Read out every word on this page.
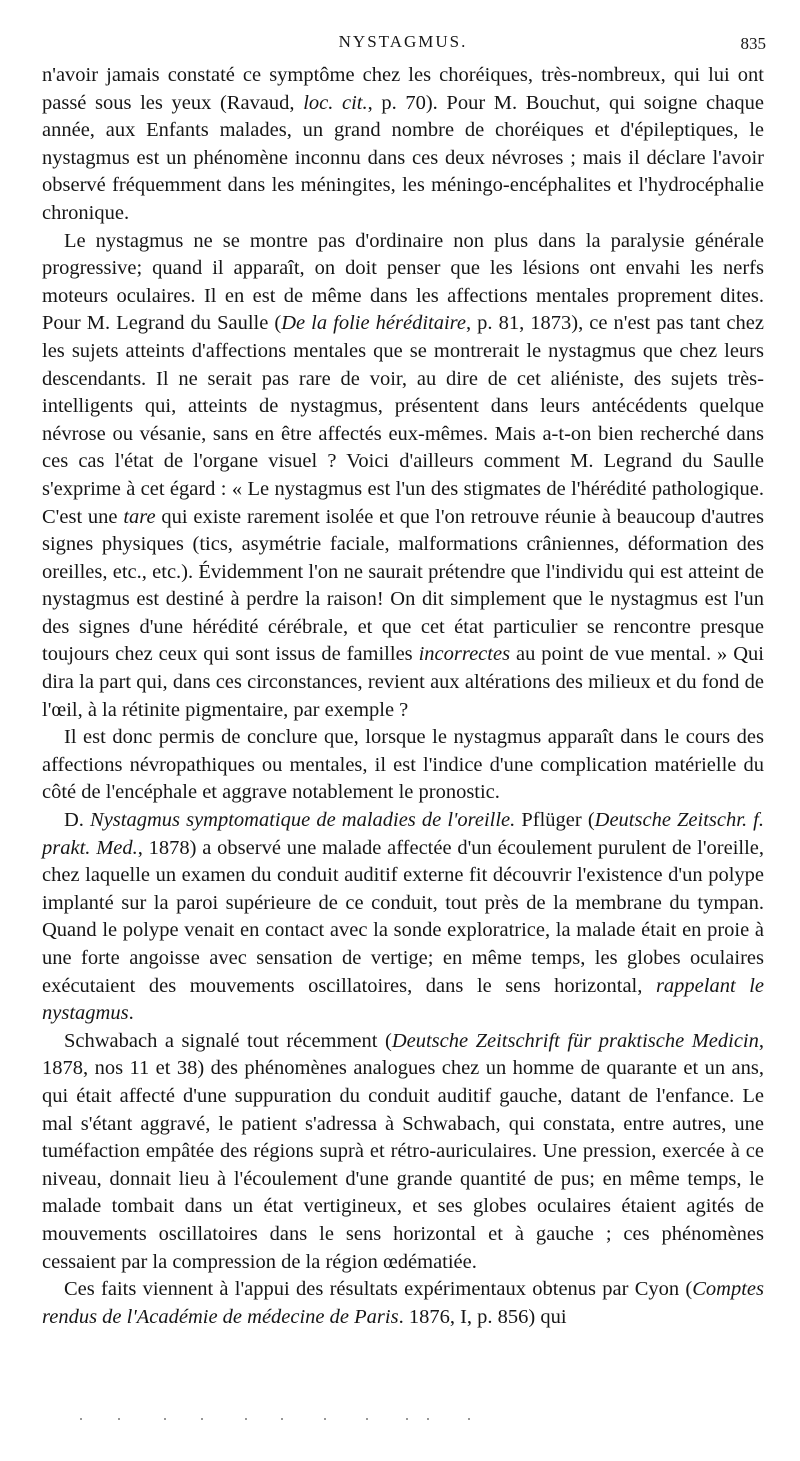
NYSTAGMUS.	835

n'avoir jamais constaté ce symptôme chez les choréiques, très-nombreux, qui lui ont passé sous les yeux (Ravaud, loc. cit., p. 70). Pour M. Bouchut, qui soigne chaque année, aux Enfants malades, un grand nombre de choréiques et d'épileptiques, le nystagmus est un phénomène inconnu dans ces deux névroses ; mais il déclare l'avoir observé fréquemment dans les méningites, les méningo-encéphalites et l'hydrocéphalie chronique.

Le nystagmus ne se montre pas d'ordinaire non plus dans la paralysie générale progressive; quand il apparaît, on doit penser que les lésions ont envahi les nerfs moteurs oculaires. Il en est de même dans les affections mentales proprement dites. Pour M. Legrand du Saulle (De la folie héréditaire, p. 81, 1873), ce n'est pas tant chez les sujets atteints d'affections mentales que se montrerait le nystagmus que chez leurs descendants. Il ne serait pas rare de voir, au dire de cet aliéniste, des sujets très-intelligents qui, atteints de nystagmus, présentent dans leurs antécédents quelque névrose ou vésanie, sans en être affectés eux-mêmes. Mais a-t-on bien recherché dans ces cas l'état de l'organe visuel ? Voici d'ailleurs comment M. Legrand du Saulle s'exprime à cet égard : « Le nystagmus est l'un des stigmates de l'hérédité pathologique. C'est une tare qui existe rarement isolée et que l'on retrouve réunie à beaucoup d'autres signes physiques (tics, asymétrie faciale, malformations crâniennes, déformation des oreilles, etc., etc.). Évidemment l'on ne saurait prétendre que l'individu qui est atteint de nystagmus est destiné à perdre la raison! On dit simplement que le nystagmus est l'un des signes d'une hérédité cérébrale, et que cet état particulier se rencontre presque toujours chez ceux qui sont issus de familles incorrectes au point de vue mental. » Qui dira la part qui, dans ces circonstances, revient aux altérations des milieux et du fond de l'œil, à la rétinite pigmentaire, par exemple ?

Il est donc permis de conclure que, lorsque le nystagmus apparaît dans le cours des affections névropathiques ou mentales, il est l'indice d'une complication matérielle du côté de l'encéphale et aggrave notablement le pronostic.

D. Nystagmus symptomatique de maladies de l'oreille. Pflüger (Deutsche Zeitschr. f. prakt. Med., 1878) a observé une malade affectée d'un écoulement purulent de l'oreille, chez laquelle un examen du conduit auditif externe fit découvrir l'existence d'un polype implanté sur la paroi supérieure de ce conduit, tout près de la membrane du tympan. Quand le polype venait en contact avec la sonde exploratrice, la malade était en proie à une forte angoisse avec sensation de vertige; en même temps, les globes oculaires exécutaient des mouvements oscillatoires, dans le sens horizontal, rappelant le nystagmus.

Schwabach a signalé tout récemment (Deutsche Zeitschrift für praktische Medicin, 1878, nos 11 et 38) des phénomènes analogues chez un homme de quarante et un ans, qui était affecté d'une suppuration du conduit auditif gauche, datant de l'enfance. Le mal s'étant aggravé, le patient s'adressa à Schwabach, qui constata, entre autres, une tuméfaction empâtée des régions suprà et rétro-auriculaires. Une pression, exercée à ce niveau, donnait lieu à l'écoulement d'une grande quantité de pus; en même temps, le malade tombait dans un état vertigineux, et ses globes oculaires étaient agités de mouvements oscillatoires dans le sens horizontal et à gauche ; ces phénomènes cessaient par la compression de la région œdématiée.

Ces faits viennent à l'appui des résultats expérimentaux obtenus par Cyon (Comptes rendus de l'Académie de médecine de Paris. 1876, I, p. 856) qui
